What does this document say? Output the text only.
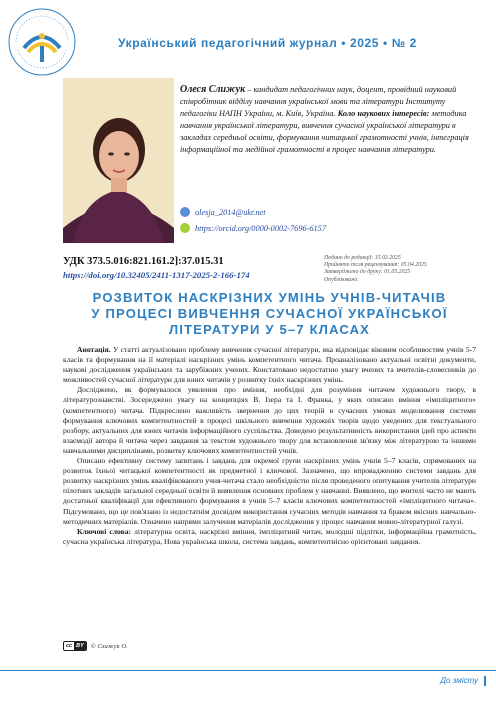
Український педагогічний журнал • 2025 • № 2
Олеся Слижук – кандидат педагогічних наук, доцент, провідний науковий співробітник відділу навчання української мови та літератури Інституту педагогіки НАПН України, м. Київ, Україна. Коло наукових інтересів: методика навчання української літератури, вивчення сучасної української літератури в закладах середньої освіти, формування читацької грамотності учнів, інтеграція інформаційної та медійної грамотності в процес навчання літератури.
olesja_2014@ukr.net
https://orcid.org/0000-0002-7696-6157
УДК 373.5.016:821.161.2]:37.015.31
https://doi.org/10.32405/2411-1317-2025-2-166-174
Подано до редакції: 15.03.2025
Прийнято після рецензування: 05.04.2025
Затверджено до друку: 01.05.2025
Опубліковано:
РОЗВИТОК НАСКРІЗНИХ УМІНЬ УЧНІВ-ЧИТАЧІВ
У ПРОЦЕСІ ВИВЧЕННЯ СУЧАСНОЇ УКРАЇНСЬКОЇ
ЛІТЕРАТУРИ У 5–7 КЛАСАХ

Анотація. У статті актуалізовано проблему вивчення сучасної літератури, яка відповідає віковим особливостям учнів 5-7 класів та формування на її матеріалі наскрізних умінь компетентного читача. Проаналізовано актуальні освітні документи, наукові дослідження українських та зарубіжних учених. Констатовано недостатню увагу вчених та вчителів-словесників до можливостей сучасної літератури для юних читачів у розвитку їхніх наскрізних умінь.

Досліджено, як формувалося уявлення про вміння, необхідні для розуміння читачем художнього твору, в літературознавстві. Зосереджено увагу на концепціях В. Ізера та І. Франка, у яких описано вміння «імпліцитного» (компетентного) читача. Підкреслено важливість звернення до цих теорій в сучасних умовах моделювання системи формування ключових компетентностей в процесі шкільного вивчення художніх творів щодо уведених для текстуального розбору, актуальних для юних читачів інформаційного суспільства. Доведено результативність використання ідей про аспекти взаємодії автора й читача через завдання за текстом художнього твору для встановлення зв'язку між літературою та іншими навчальними дисциплінами, розвитку ключових компетентностей учнів.

Описано ефективну систему запитань і завдань для окремої групи наскрізних умінь учнів 5–7 класів, спрямованих на розвиток їхньої читацької компетентності як предметної і ключової. Зазначено, що впровадженню системи завдань для розвитку наскрізних умінь кваліфікованого учня-читача стало необхідністю після проведеного опитування учителів літератури пілотних закладів загальної середньої освіти й виявлення основних проблем у навчанні. Виявлено, що вчителі часто не мають достатньої кваліфікації для ефективного формування в учнів 5–7 класів ключових компетентностей «імпліцитного читача». Підсумовано, що це пов'язано із недостатнім досвідом використання сучасних методів навчання та браком якісних навчально-методичних матеріалів. Означено напрями залучення матеріалів дослідження у процес навчання мовно-літературної галузі.

Ключові слова: літературна освіта, наскрізні вміння, імпліцитний читач, молодші підлітки, інформаційна грамотність, сучасна українська література, Нова українська школа, система завдань, компетентнісно орієнтовані завдання.

cc BY	© Слижук О.
До змісту
